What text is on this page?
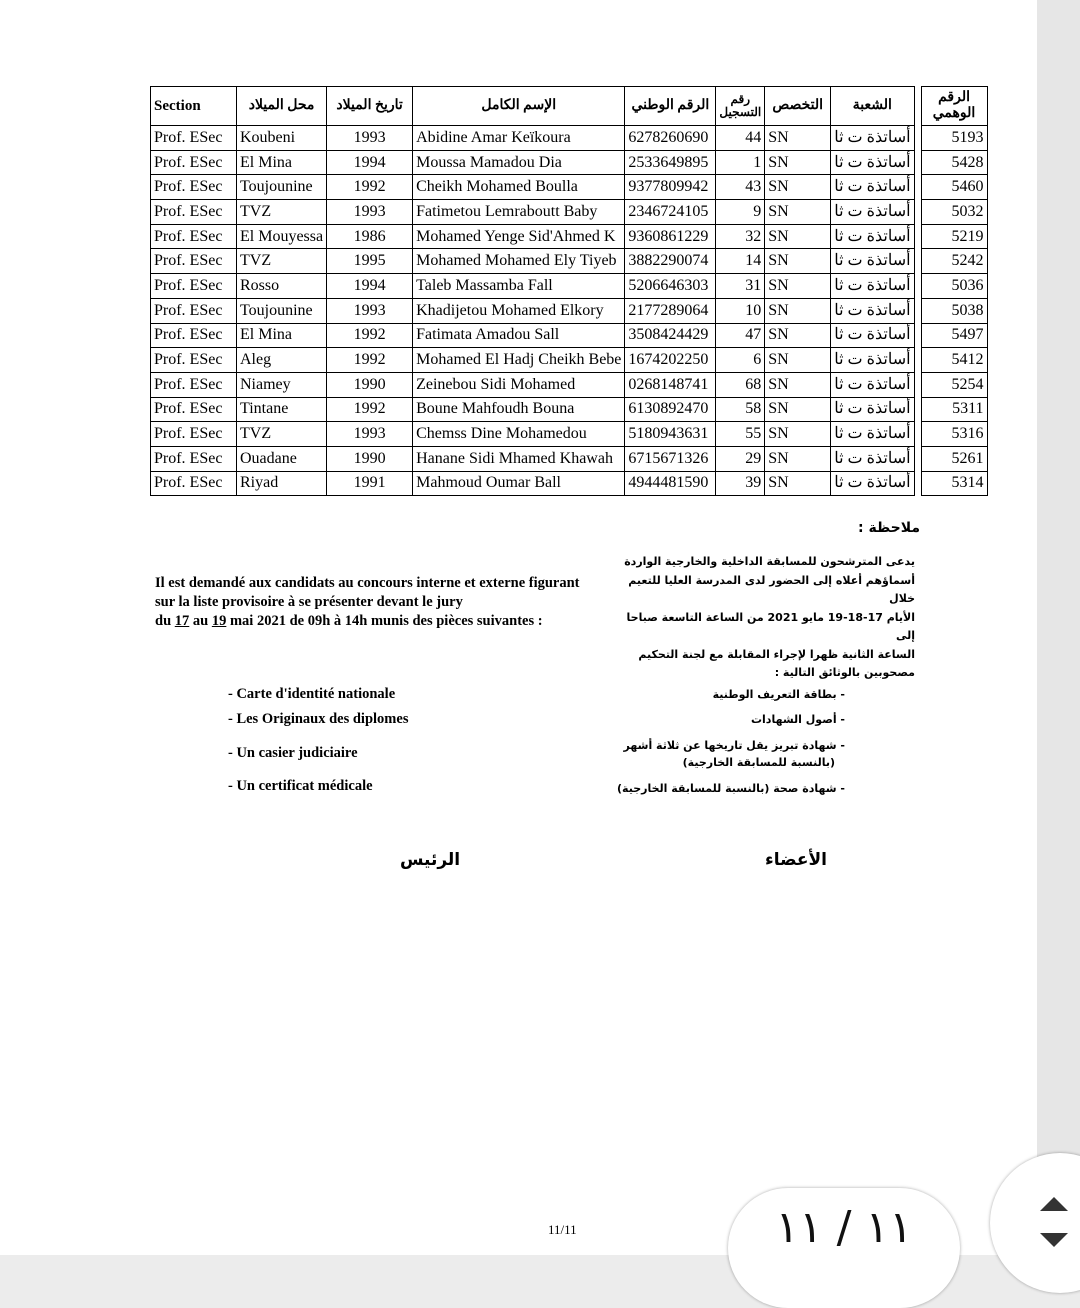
Section	محل الميلاد	تاريخ الميلاد	الإسم الكامل	الرقم الوطني	رقم التسجيل	التخصص	الشعبة		الرقم الوهمي
Prof. ESec	Koubeni	1993	Abidine Amar Keïkoura	6278260690	44	SN	أساتذة ت ثا		5193
Prof. ESec	El Mina	1994	Moussa Mamadou Dia	2533649895	1	SN	أساتذة ت ثا		5428
Prof. ESec	Toujounine	1992	Cheikh Mohamed Boulla	9377809942	43	SN	أساتذة ت ثا		5460
Prof. ESec	TVZ	1993	Fatimetou Lemraboutt Baby	2346724105	9	SN	أساتذة ت ثا		5032
Prof. ESec	El Mouyessa	1986	Mohamed Yenge Sid'Ahmed K	9360861229	32	SN	أساتذة ت ثا		5219
Prof. ESec	TVZ	1995	Mohamed Mohamed Ely Tiyeb	3882290074	14	SN	أساتذة ت ثا		5242
Prof. ESec	Rosso	1994	Taleb Massamba Fall	5206646303	31	SN	أساتذة ت ثا		5036
Prof. ESec	Toujounine	1993	Khadijetou Mohamed Elkory	2177289064	10	SN	أساتذة ت ثا		5038
Prof. ESec	El Mina	1992	Fatimata Amadou Sall	3508424429	47	SN	أساتذة ت ثا		5497
Prof. ESec	Aleg	1992	Mohamed El Hadj Cheikh Bebe	1674202250	6	SN	أساتذة ت ثا		5412
Prof. ESec	Niamey	1990	Zeinebou Sidi Mohamed	0268148741	68	SN	أساتذة ت ثا		5254
Prof. ESec	Tintane	1992	Boune Mahfoudh Bouna	6130892470	58	SN	أساتذة ت ثا		5311
Prof. ESec	TVZ	1993	Chemss Dine Mohamedou	5180943631	55	SN	أساتذة ت ثا		5316
Prof. ESec	Ouadane	1990	Hanane Sidi Mhamed Khawah	6715671326	29	SN	أساتذة ت ثا		5261
Prof. ESec	Riyad	1991	Mahmoud Oumar Ball	4944481590	39	SN	أساتذة ت ثا		5314
ملاحظة :
Il est demandé aux candidats au concours interne et externe figurant
sur la liste provisoire à se présenter devant le jury
du 17 au 19 mai 2021 de 09h à 14h munis des pièces suivantes :
يدعى المترشحون للمسابقة الداخلية والخارجية الواردة
أسماؤهم أعلاه إلى الحضور لدى المدرسة العليا للتعيم خلال
الأيام 17-18-19 مايو 2021 من الساعة التاسعة صباحا إلى
الساعة الثانية ظهرا لإجراء المقابلة مع لجنة التحكيم
مصحوبين بالوثائق التالية :
- Carte d'identité nationale
- Les Originaux des diplomes
- Un casier judiciaire
- Un certificat médicale
- بطاقة التعريف الوطنية
- أصول الشهادات
- شهادة تبريز يقل تاريخها عن ثلاثة أشهر
(بالنسبة للمسابقة الخارجية)
- شهادة صحة (بالنسبة للمسابقة الخارجية)
الرئيس	الأعضاء
11/11	١١ / ١١
